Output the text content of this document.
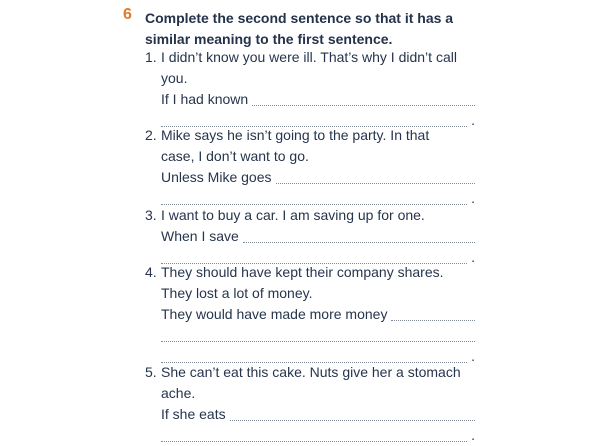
6 Complete the second sentence so that it has a similar meaning to the first sentence.
1. I didn’t know you were ill. That’s why I didn’t call
you.
If I had known
.
2. Mike says he isn’t going to the party. In that
case, I don’t want to go.
Unless Mike goes
.
3. I want to buy a car. I am saving up for one.
When I save
.
4. They should have kept their company shares.
They lost a lot of money.
They would have made more money
.
5. She can’t eat this cake. Nuts give her a stomach
ache.
If she eats
.
